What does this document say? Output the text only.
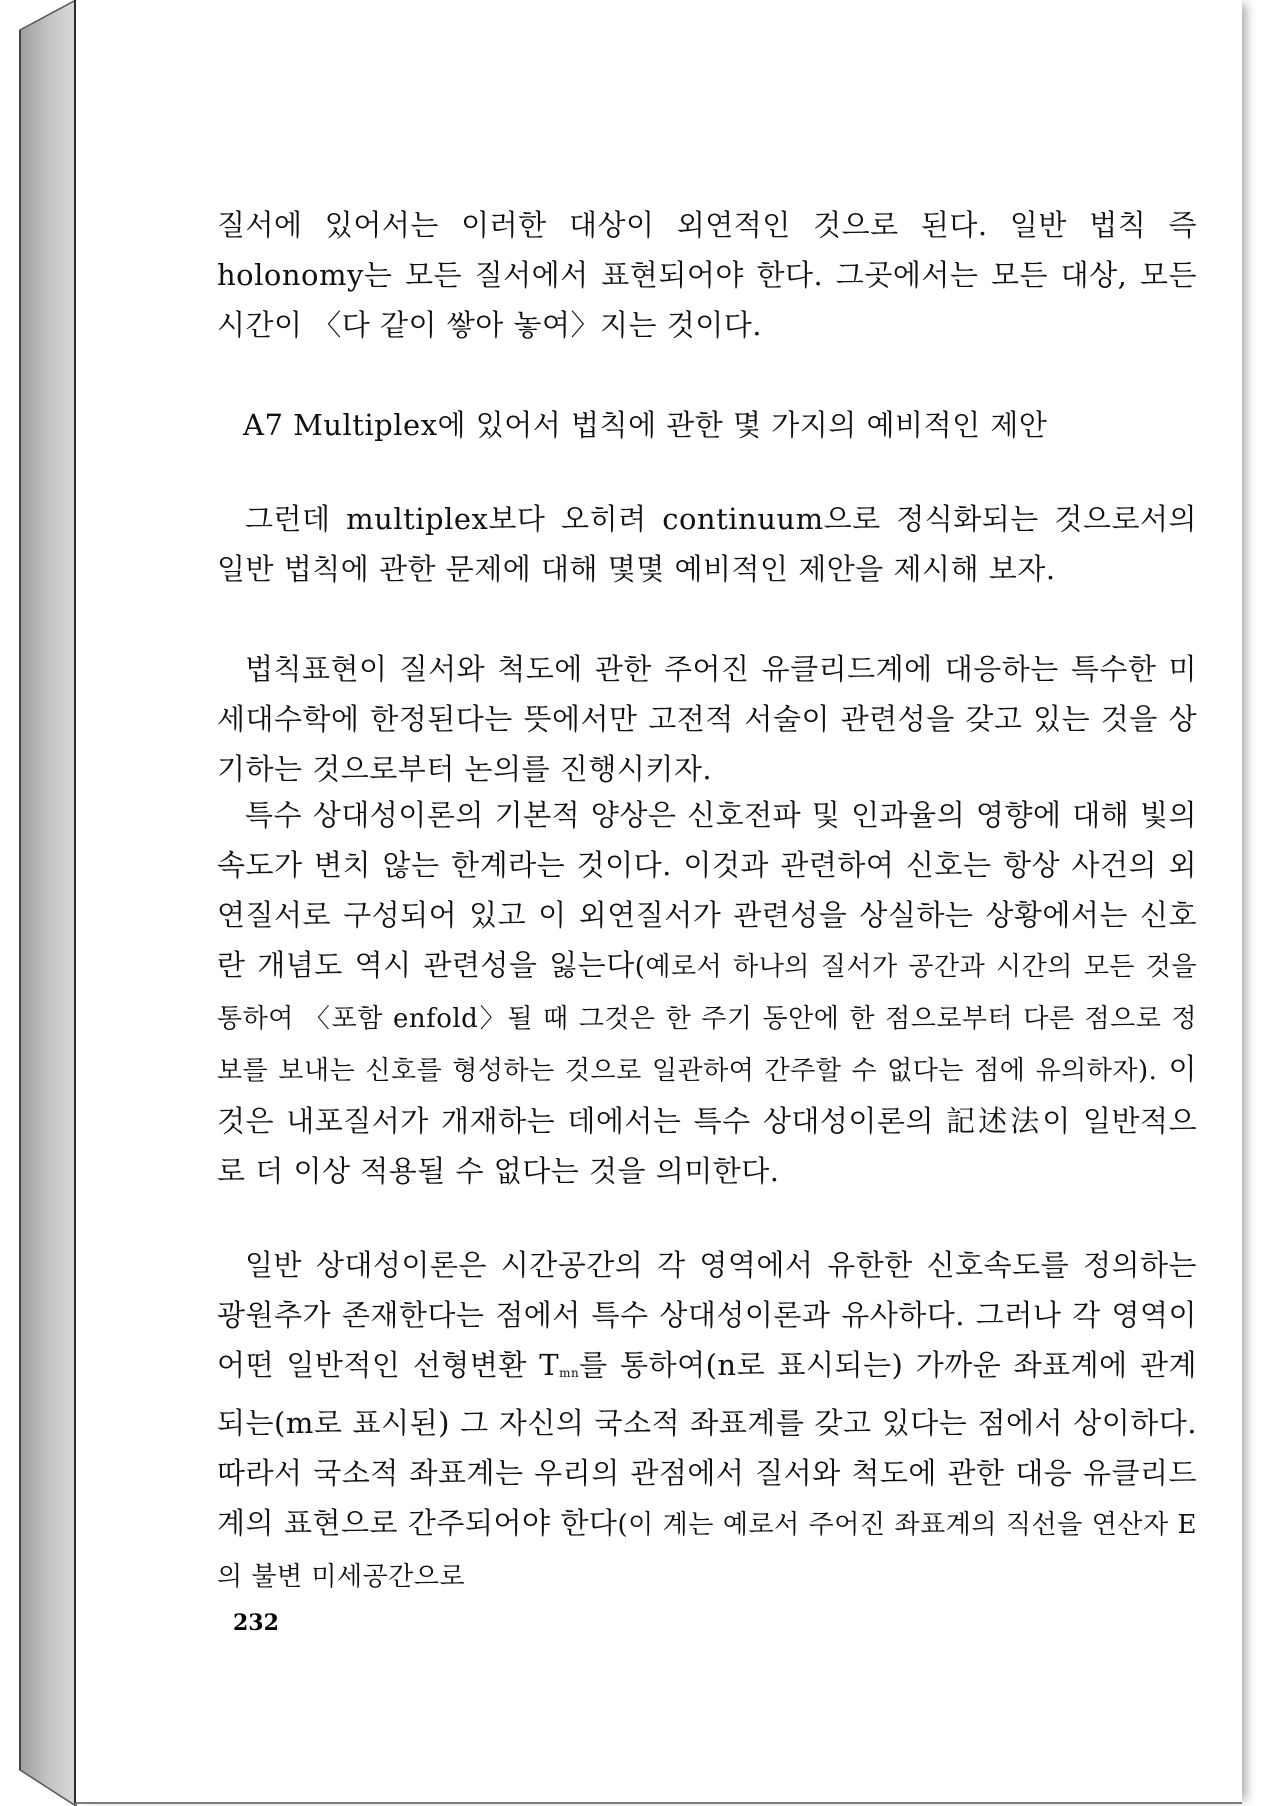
질서에 있어서는 이러한 대상이 외연적인 것으로 된다. 일반 법칙 즉 holonomy는 모든 질서에서 표현되어야 한다. 그곳에서는 모든 대상, 모든 시간이 〈다 같이 쌓아 놓여〉지는 것이다.

A7 Multiplex에 있어서 법칙에 관한 몇 가지의 예비적인 제안

그런데 multiplex보다 오히려 continuum으로 정식화되는 것으로서의 일반 법칙에 관한 문제에 대해 몇몇 예비적인 제안을 제시해 보자.

법칙표현이 질서와 척도에 관한 주어진 유클리드계에 대응하는 특수한 미세대수학에 한정된다는 뜻에서만 고전적 서술이 관련성을 갖고 있는 것을 상기하는 것으로부터 논의를 진행시키자.

특수 상대성이론의 기본적 양상은 신호전파 및 인과율의 영향에 대해 빛의 속도가 변치 않는 한계라는 것이다. 이것과 관련하여 신호는 항상 사건의 외연질서로 구성되어 있고 이 외연질서가 관련성을 상실하는 상황에서는 신호란 개념도 역시 관련성을 잃는다(예로서 하나의 질서가 공간과 시간의 모든 것을 통하여 〈포함 enfold〉될 때 그것은 한 주기 동안에 한 점으로부터 다른 점으로 정보를 보내는 신호를 형성하는 것으로 일관하여 간주할 수 없다는 점에 유의하자). 이것은 내포질서가 개재하는 데에서는 특수 상대성이론의 記述法이 일반적으로 더 이상 적용될 수 없다는 것을 의미한다.

일반 상대성이론은 시간공간의 각 영역에서 유한한 신호속도를 정의하는 광원추가 존재한다는 점에서 특수 상대성이론과 유사하다. 그러나 각 영역이 어떤 일반적인 선형변환 $T_{mn}$를 통하여(n로 표시되는) 가까운 좌표계에 관계되는(m로 표시된) 그 자신의 국소적 좌표계를 갖고 있다는 점에서 상이하다. 따라서 국소적 좌표계는 우리의 관점에서 질서와 척도에 관한 대응 유클리드계의 표현으로 간주되어야 한다(이 계는 예로서 주어진 좌표계의 직선을 연산자 E의 불변 미세공간으로

232
